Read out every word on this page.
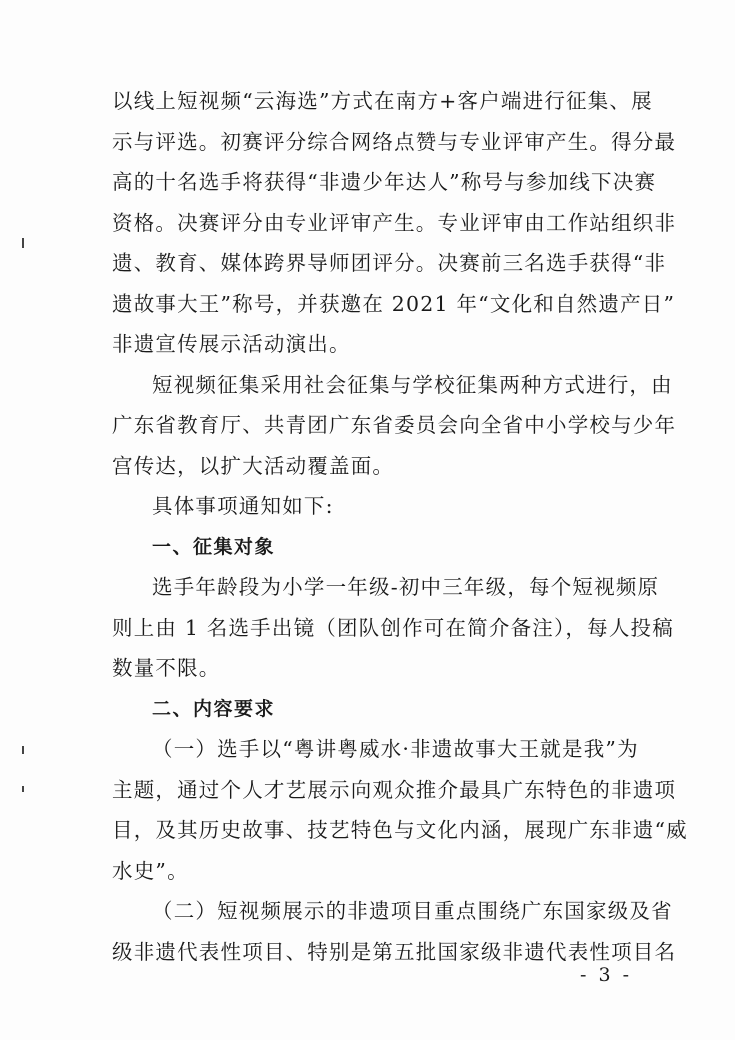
以线上短视频“云海选”方式在南方+客户端进行征集、展
示与评选。初赛评分综合网络点赞与专业评审产生。得分最
高的十名选手将获得“非遗少年达人”称号与参加线下决赛
资格。决赛评分由专业评审产生。专业评审由工作站组织非
遗、教育、媒体跨界导师团评分。决赛前三名选手获得“非
遗故事大王”称号，并获邀在 2021 年“文化和自然遗产日”
非遗宣传展示活动演出。
短视频征集采用社会征集与学校征集两种方式进行，由
广东省教育厅、共青团广东省委员会向全省中小学校与少年
宫传达，以扩大活动覆盖面。
具体事项通知如下:
一、征集对象
选手年龄段为小学一年级-初中三年级，每个短视频原
则上由 1 名选手出镜（团队创作可在简介备注），每人投稿
数量不限。
二、内容要求
（一）选手以“粤讲粤威水·非遗故事大王就是我”为
主题，通过个人才艺展示向观众推介最具广东特色的非遗项
目，及其历史故事、技艺特色与文化内涵，展现广东非遗“威
水史”。
（二）短视频展示的非遗项目重点围绕广东国家级及省
级非遗代表性项目、特别是第五批国家级非遗代表性项目名
- 3 -
